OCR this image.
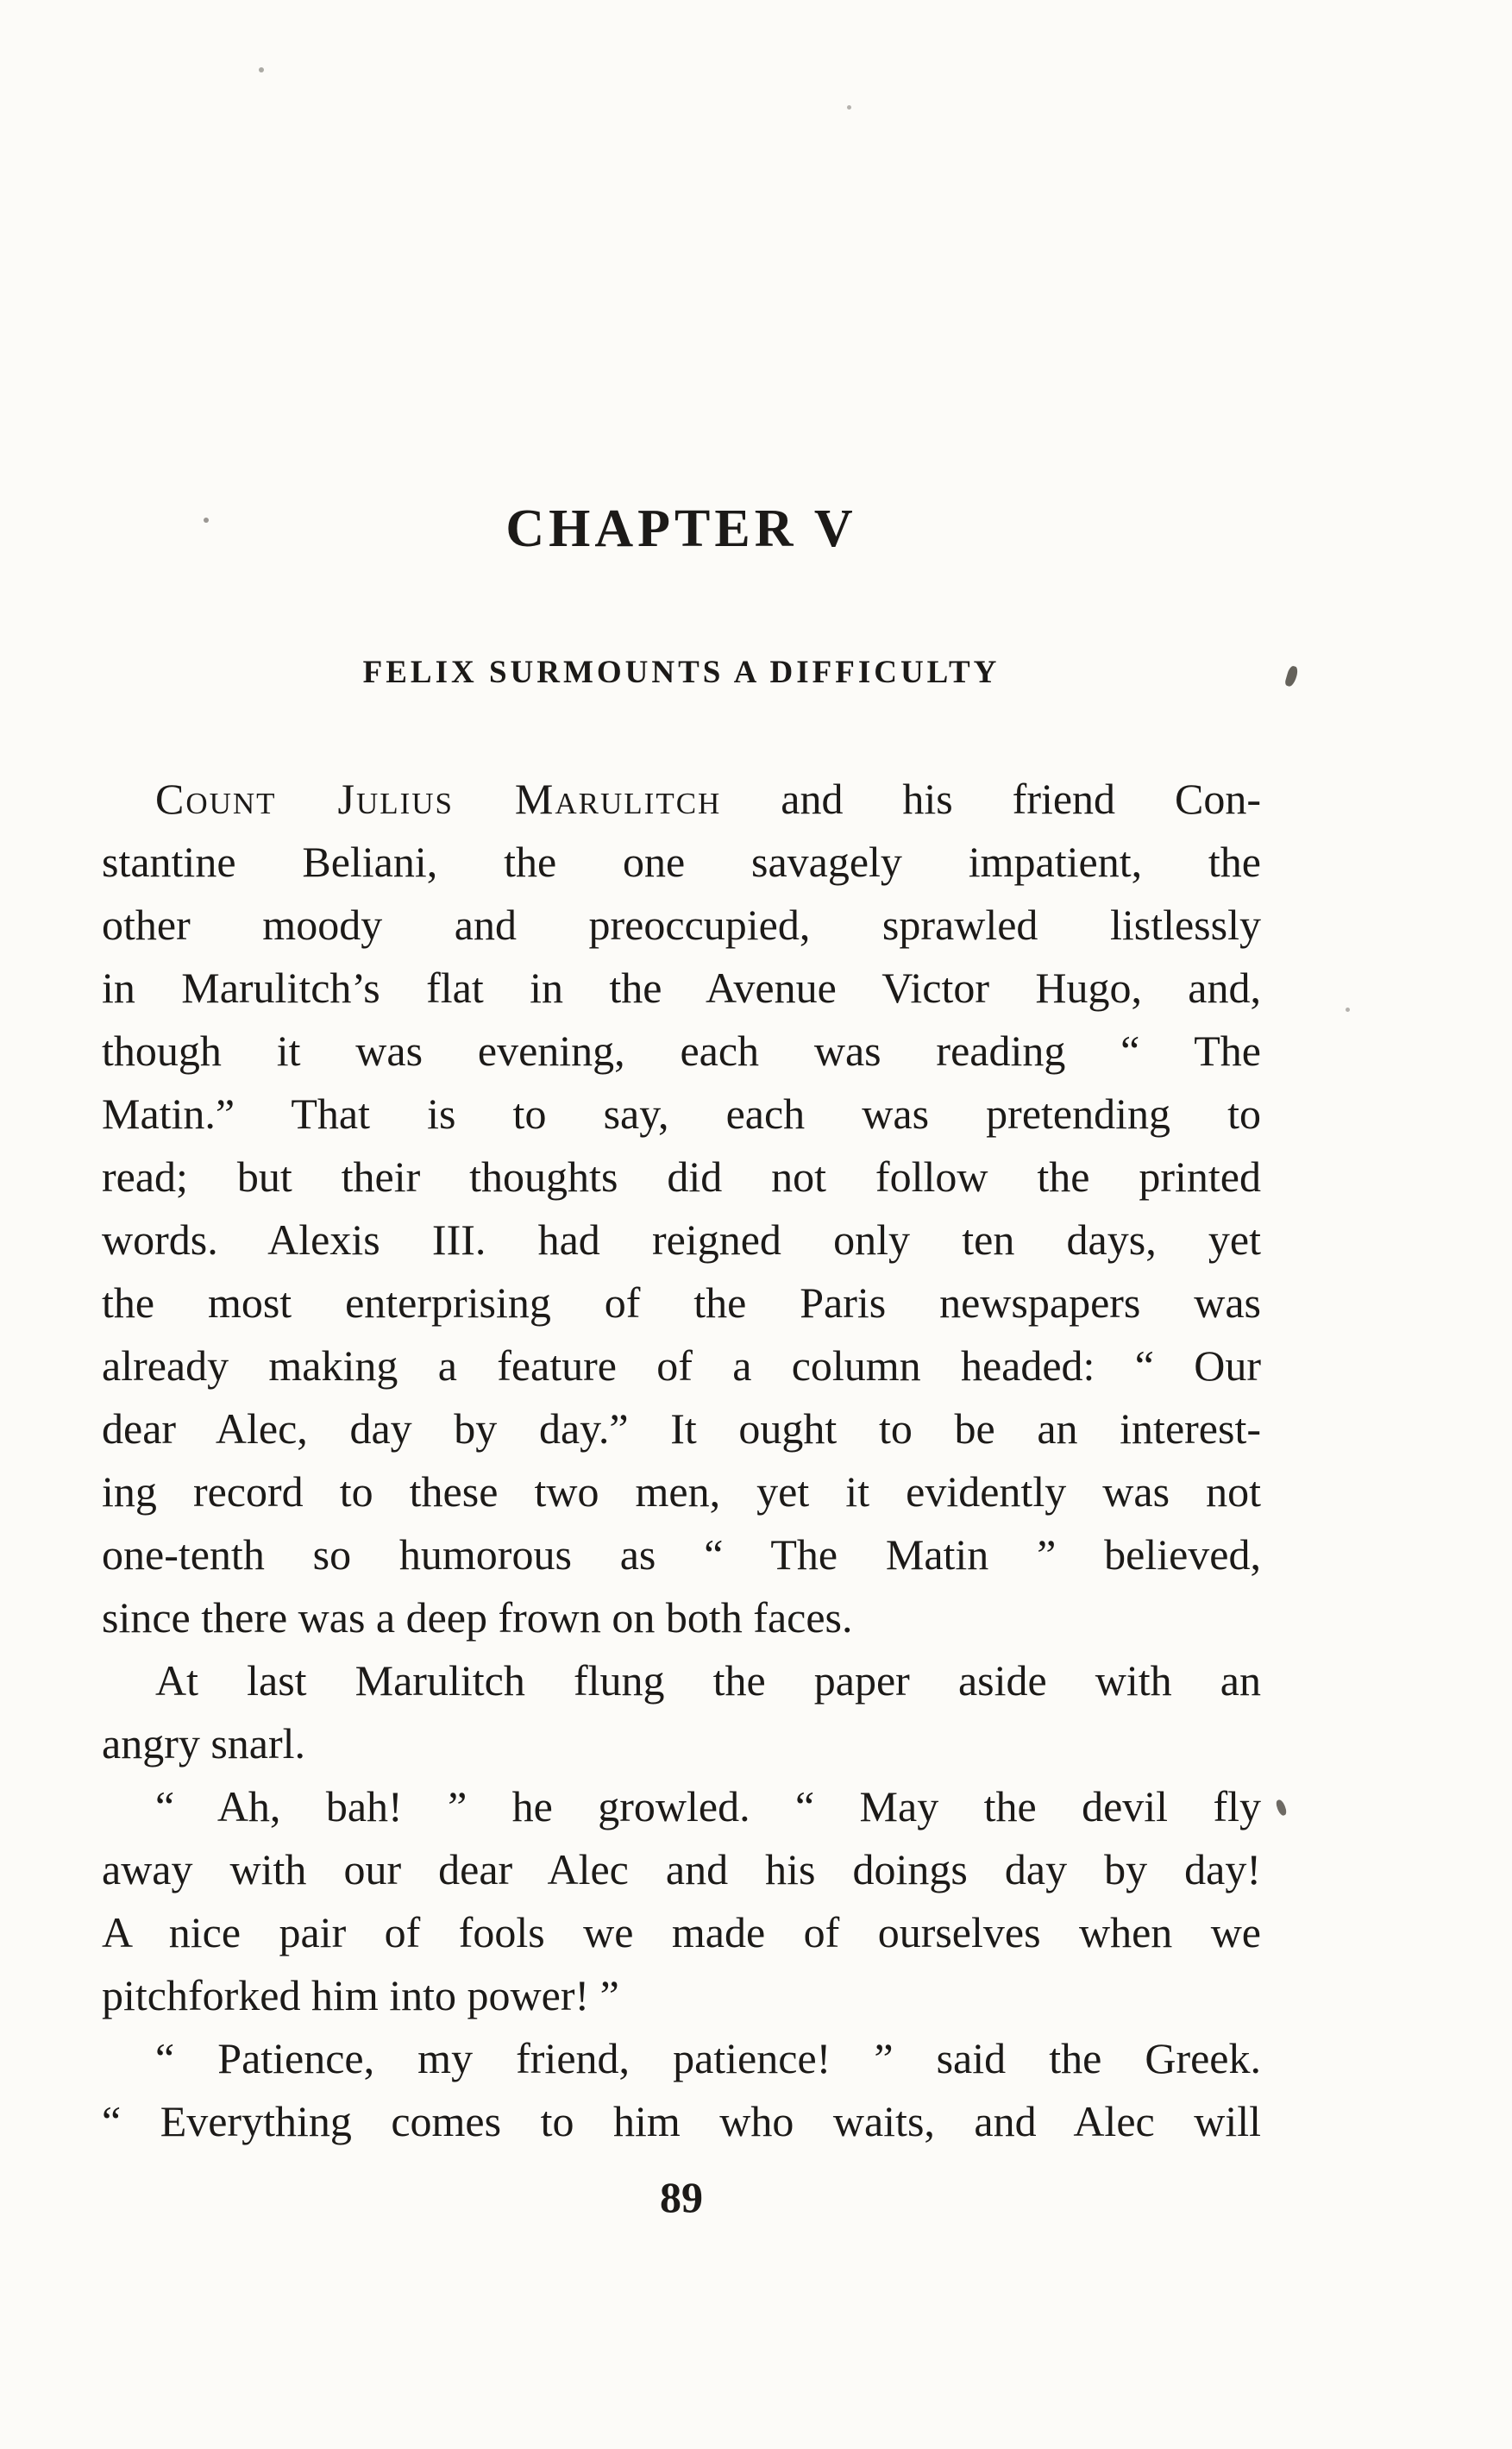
CHAPTER V
FELIX SURMOUNTS A DIFFICULTY
Count Julius Marulitch and his friend Con-
stantine Beliani, the one savagely impatient, the
other moody and preoccupied, sprawled listlessly
in Marulitch’s flat in the Avenue Victor Hugo, and,
though it was evening, each was reading “ The
Matin.” That is to say, each was pretending to
read; but their thoughts did not follow the printed
words. Alexis III. had reigned only ten days, yet
the most enterprising of the Paris newspapers was
already making a feature of a column headed: “ Our
dear Alec, day by day.” It ought to be an interest-
ing record to these two men, yet it evidently was not
one-tenth so humorous as “ The Matin ” believed,
since there was a deep frown on both faces.
At last Marulitch flung the paper aside with an
angry snarl.
“ Ah, bah! ” he growled. “ May the devil fly
away with our dear Alec and his doings day by day!
A nice pair of fools we made of ourselves when we
pitchforked him into power! ”
“ Patience, my friend, patience! ” said the Greek.
“ Everything comes to him who waits, and Alec will
89
